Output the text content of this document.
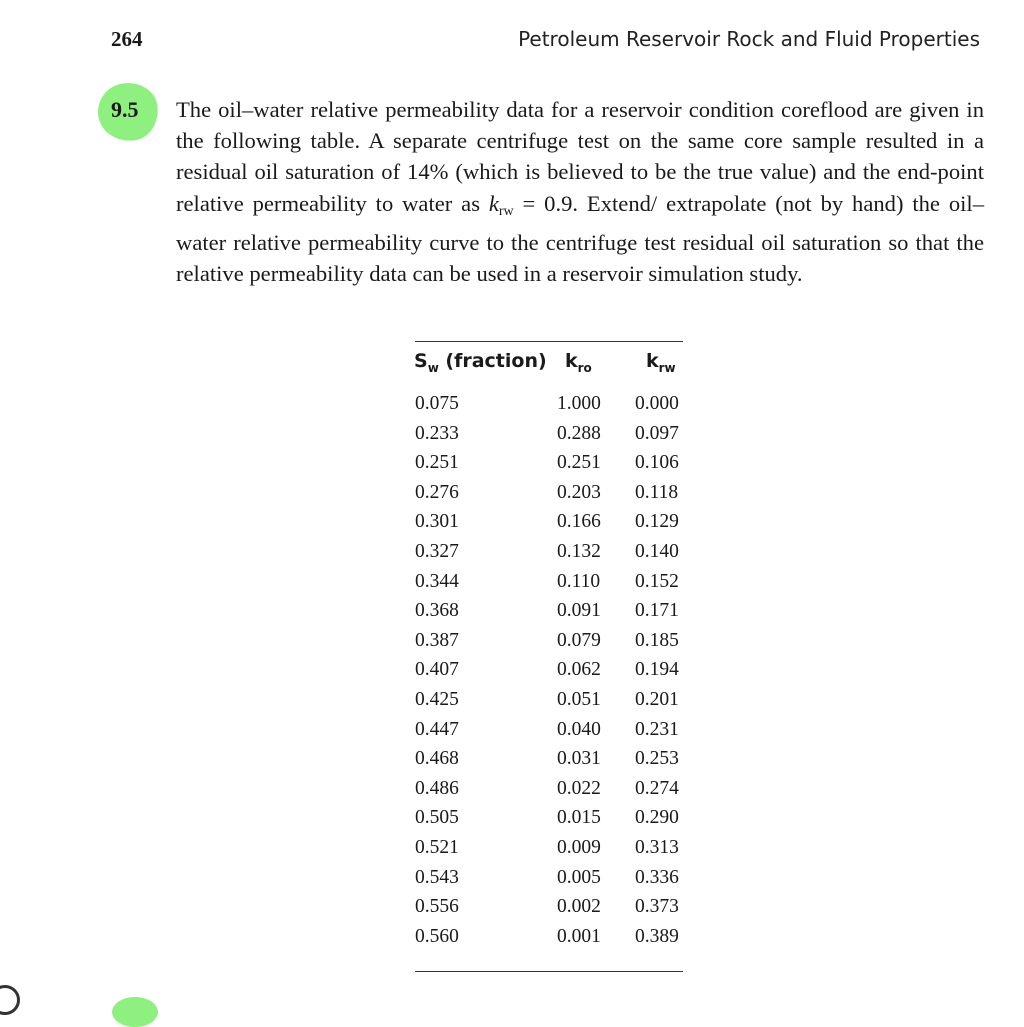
264	Petroleum Reservoir Rock and Fluid Properties
9.5 The oil–water relative permeability data for a reservoir condition coreflood are given in the following table. A separate centrifuge test on the same core sample resulted in a residual oil saturation of 14% (which is believed to be the true value) and the end-point relative permeability to water as $k_{rw} = 0.9$. Extend/ extrapolate (not by hand) the oil–water relative permeability curve to the centrifuge test residual oil saturation so that the relative permeability data can be used in a reservoir simulation study.
$S_w$ (fraction) $k_{ro}$	$k_{rw}$
0.075	1.000 0.000
0.233	0.288 0.097
0.251	0.251 0.106
0.276	0.203 0.118
0.301	0.166 0.129
0.327	0.132 0.140
0.344	0.110 0.152
0.368	0.091 0.171
0.387	0.079 0.185
0.407	0.062 0.194
0.425	0.051 0.201
0.447	0.040 0.231
0.468	0.031 0.253
0.486	0.022 0.274
0.505	0.015 0.290
0.521	0.009 0.313
0.543	0.005 0.336
0.556	0.002 0.373
0.560	0.001 0.389
